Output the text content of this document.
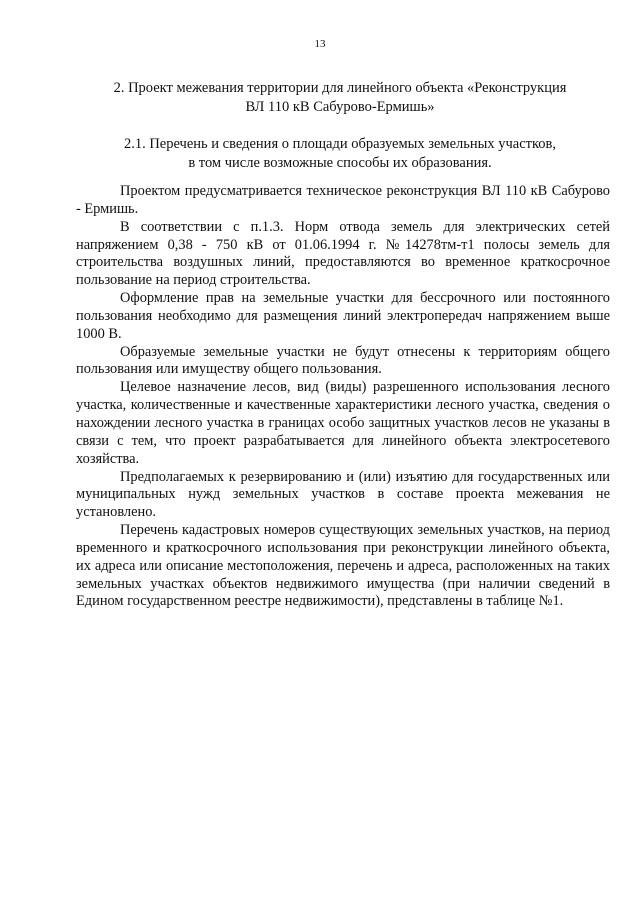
13
2. Проект межевания территории для линейного объекта «Реконструкция
ВЛ 110 кВ Сабурово-Ермишь»
2.1. Перечень и сведения о площади образуемых земельных участков,
в том числе возможные способы их образования.

Проектом предусматривается техническое реконструкция ВЛ 110 кВ Сабурово - Ермишь.

В соответствии с п.1.3. Норм отвода земель для электрических сетей напряжением 0,38 - 750 кВ от 01.06.1994 г. №14278тм-т1 полосы земель для строительства воздушных линий, предоставляются во временное краткосрочное пользование на период строительства.

Оформление прав на земельные участки для бессрочного или постоянного пользования необходимо для размещения линий электропередач напряжением выше 1000 В.

Образуемые земельные участки не будут отнесены к территориям общего пользования или имуществу общего пользования.

Целевое назначение лесов, вид (виды) разрешенного использования лесного участка, количественные и качественные характеристики лесного участка, сведения о нахождении лесного участка в границах особо защитных участков лесов не указаны в связи с тем, что проект разрабатывается для линейного объекта электросетевого хозяйства.

Предполагаемых к резервированию и (или) изъятию для государственных или муниципальных нужд земельных участков в составе проекта межевания не установлено.

Перечень кадастровых номеров существующих земельных участков, на период временного и краткосрочного использования при реконструкции линейного объекта, их адреса или описание местоположения, перечень и адреса, расположенных на таких земельных участках объектов недвижимого имущества (при наличии сведений в Едином государственном реестре недвижимости), представлены в таблице №1.
